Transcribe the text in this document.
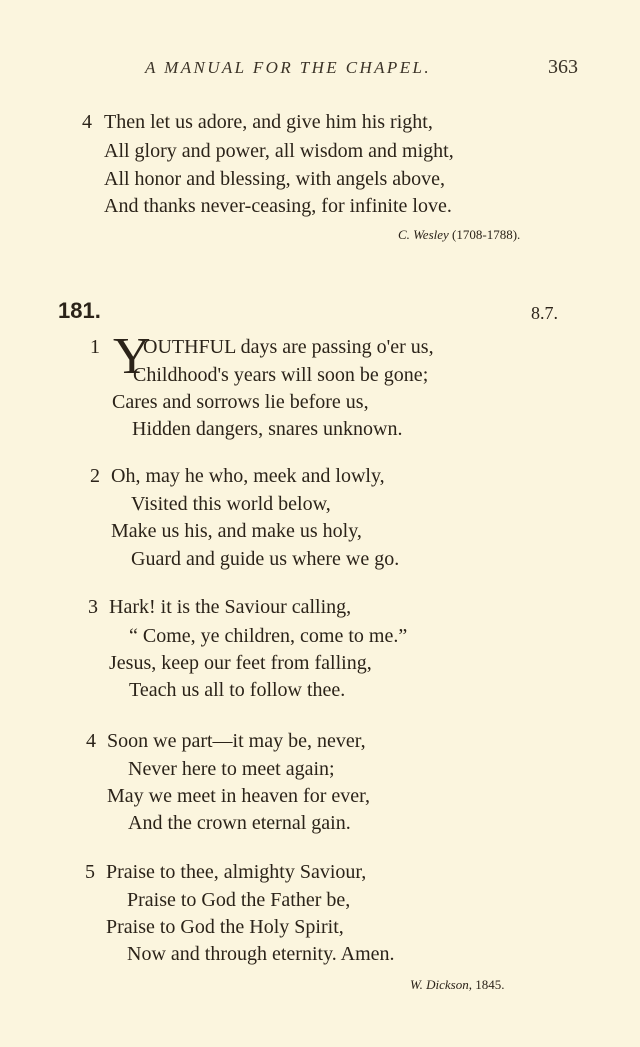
A MANUAL FOR THE CHAPEL.	363
4 Then let us adore, and give him his right,
All glory and power, all wisdom and might,
All honor and blessing, with angels above,
And thanks never-ceasing, for infinite love.
C. Wesley (1708-1788).
181.	8.7.
1 Y
OUTHFUL days are passing o'er us,
Childhood's years will soon be gone;
Cares and sorrows lie before us,
Hidden dangers, snares unknown.
2 Oh, may he who, meek and lowly,
Visited this world below,
Make us his, and make us holy,
Guard and guide us where we go.
3 Hark! it is the Saviour calling,
“ Come, ye children, come to me.”
Jesus, keep our feet from falling,
Teach us all to follow thee.
4 Soon we part—it may be, never,
Never here to meet again;
May we meet in heaven for ever,
And the crown eternal gain.
5 Praise to thee, almighty Saviour,
Praise to God the Father be,
Praise to God the Holy Spirit,
Now and through eternity. Amen.
W. Dickson, 1845.
